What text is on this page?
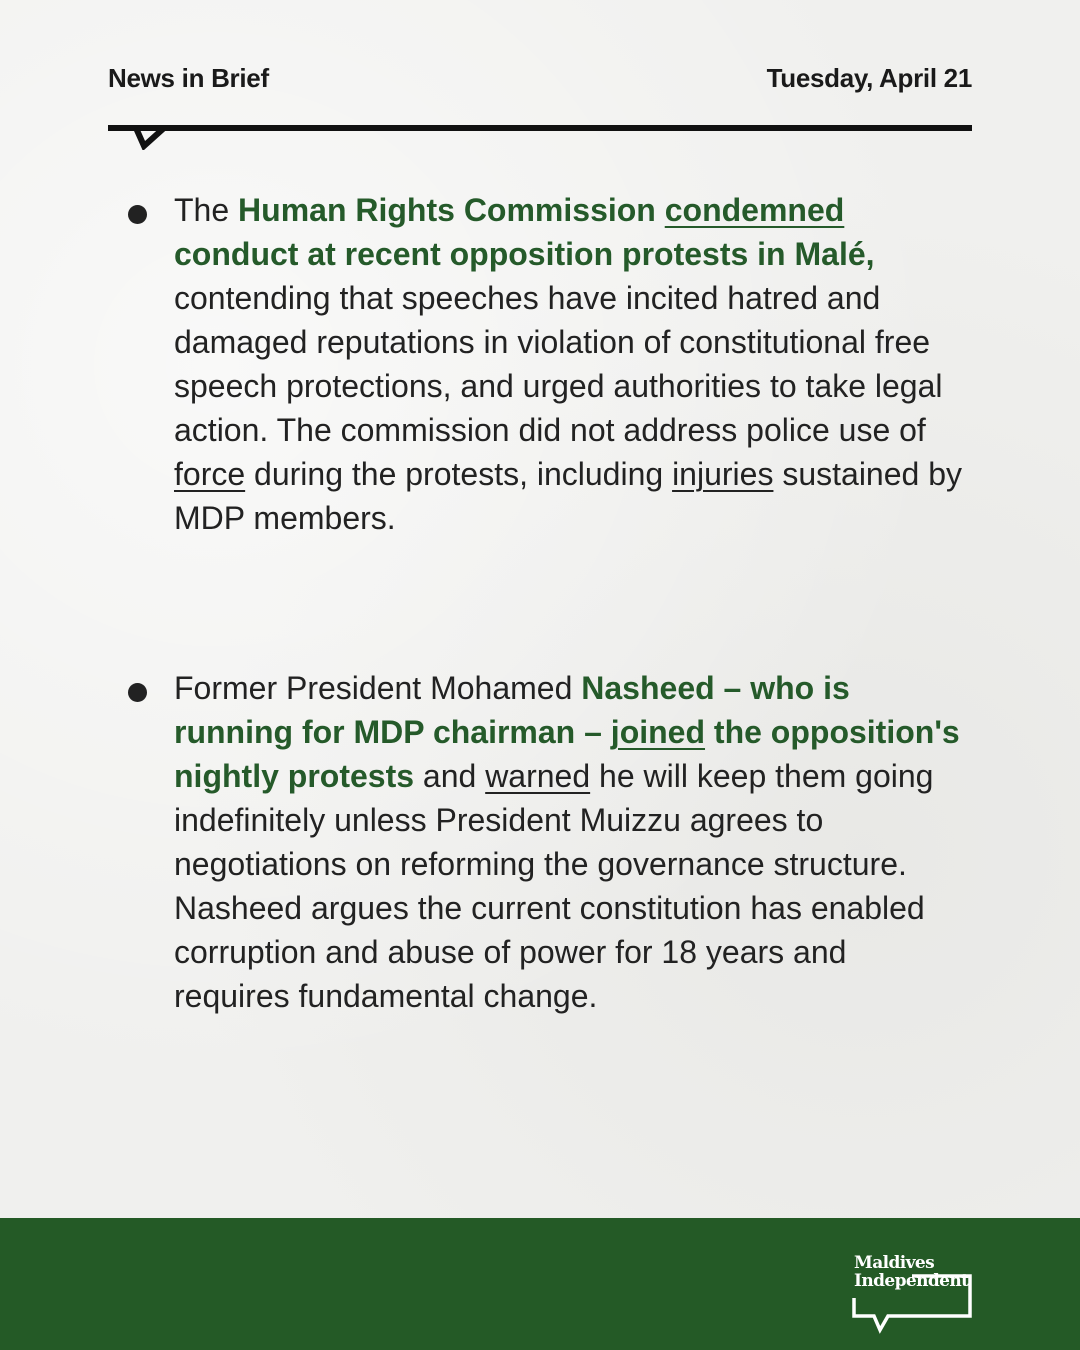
News in Brief	Tuesday, April 21

The Human Rights Commission condemned conduct at recent opposition protests in Malé, contending that speeches have incited hatred and damaged reputations in violation of constitutional free speech protections, and urged authorities to take legal action. The commission did not address police use of force during the protests, including injuries sustained by MDP members.

Former President Mohamed Nasheed – who is running for MDP chairman – joined the opposition's nightly protests and warned he will keep them going indefinitely unless President Muizzu agrees to negotiations on reforming the governance structure. Nasheed argues the current constitution has enabled corruption and abuse of power for 18 years and requires fundamental change.

Maldives
Independent
